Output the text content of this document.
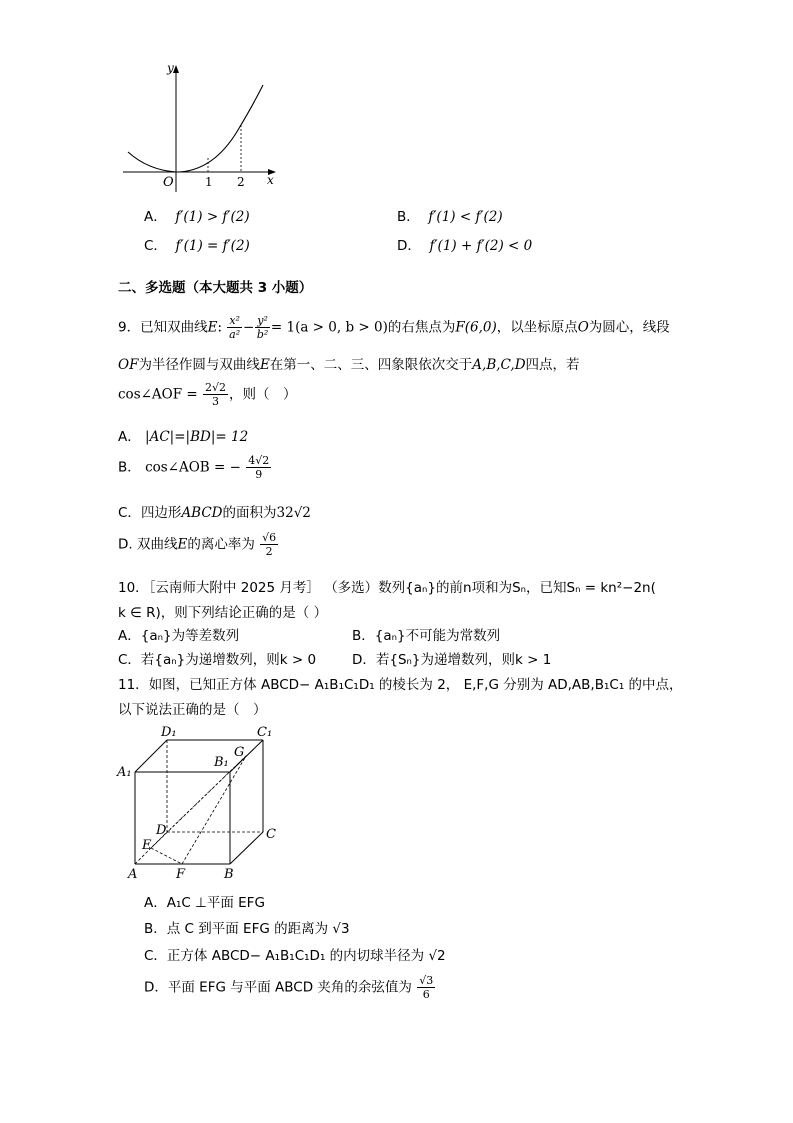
y
x
O	1 2
A． f′(1) > f′(2)	B． f′(1) < f′(2)
C． f′(1) = f′(2)	D． f′(1) + f′(2) < 0
二、多选题（本大题共 3 小题）
9．已知双曲线E: $\frac{\text{x²}}{\text{a²}} - \frac{\text{y²}}{\text{b²}} = 1(a > 0$, b > 0)的右焦点为F(6,0)，以坐标原点O为圆心，线段
OF为半径作圆与双曲线E在第一、二、三、四象限依次交于A,B,C,D四点，若
cos∠AOF = $\frac{2√2}{3}$ ，则（　）
A． |AC|=|BD|= 12
B． cos∠AOB = − $\frac{4√2}{9}$
C．四边形ABCD的面积为32√2
D. 双曲线E的离心率为 $\frac{√6}{2}$
10．［云南师大附中 2025 月考］ （多选）数列{aₙ}的前n项和为Sₙ，已知Sₙ = kn²−2n(
k ∈ R)，则下列结论正确的是（ ）
A．{aₙ}为等差数列	B．{aₙ}不可能为常数列
C．若{aₙ}为递增数列，则k > 0	D．若{Sₙ}为递增数列，则k > 1
11．如图，已知正方体 ABCD− A₁B₁C₁D₁ 的棱长为 2， E,F,G 分别为 AD,AB,B₁C₁ 的中点，
以下说法正确的是（　）
A₁
D₁
B₁
C₁
G
D	C
E
A	F	B
A．A₁C ⊥平面 EFG
B．点 C 到平面 EFG 的距离为 √3
C．正方体 ABCD− A₁B₁C₁D₁ 的内切球半径为 √2
D．平面 EFG 与平面 ABCD 夹角的余弦值为 $\frac{√3}{6}$
